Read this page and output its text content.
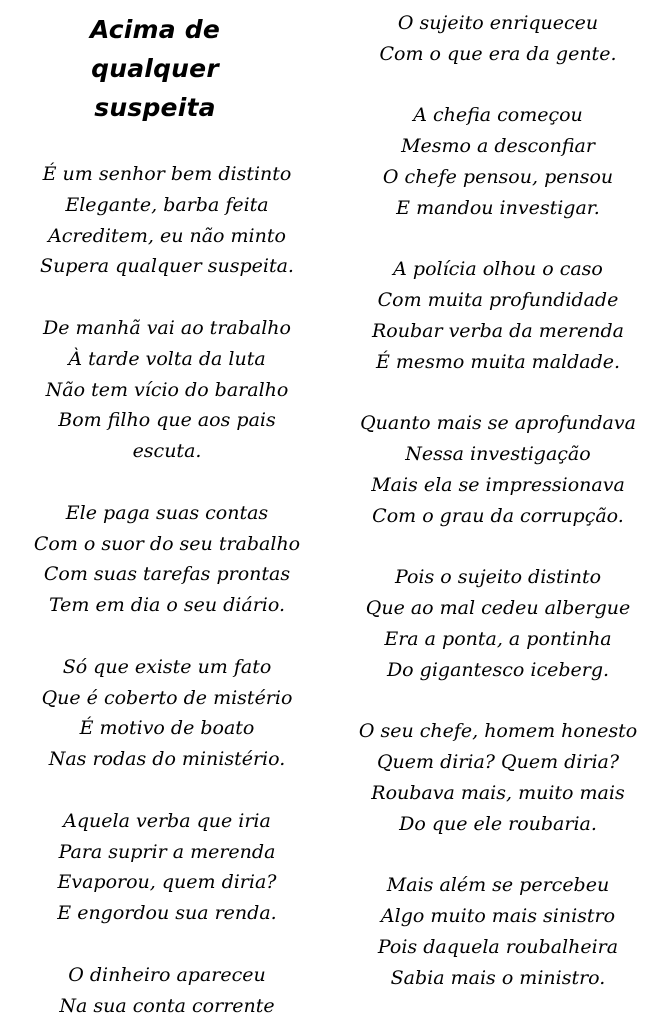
Acima de qualquer suspeita

É um senhor bem distinto
Elegante, barba feita
Acreditem, eu não minto
Supera qualquer suspeita.

De manhã vai ao trabalho
À tarde volta da luta
Não tem vício do baralho
Bom filho que aos pais
escuta.

Ele paga suas contas
Com o suor do seu trabalho
Com suas tarefas prontas
Tem em dia o seu diário.

Só que existe um fato
Que é coberto de mistério
É motivo de boato
Nas rodas do ministério.

Aquela verba que iria
Para suprir a merenda
Evaporou, quem diria?
E engordou sua renda.

O dinheiro apareceu
Na sua conta corrente

O sujeito enriqueceu
Com o que era da gente.

A chefia começou
Mesmo a desconfiar
O chefe pensou, pensou
E mandou investigar.

A polícia olhou o caso
Com muita profundidade
Roubar verba da merenda
É mesmo muita maldade.

Quanto mais se aprofundava
Nessa investigação
Mais ela se impressionava
Com o grau da corrupção.

Pois o sujeito distinto
Que ao mal cedeu albergue
Era a ponta, a pontinha
Do gigantesco iceberg.

O seu chefe, homem honesto
Quem diria? Quem diria?
Roubava mais, muito mais
Do que ele roubaria.

Mais além se percebeu
Algo muito mais sinistro
Pois daquela roubalheira
Sabia mais o ministro.
